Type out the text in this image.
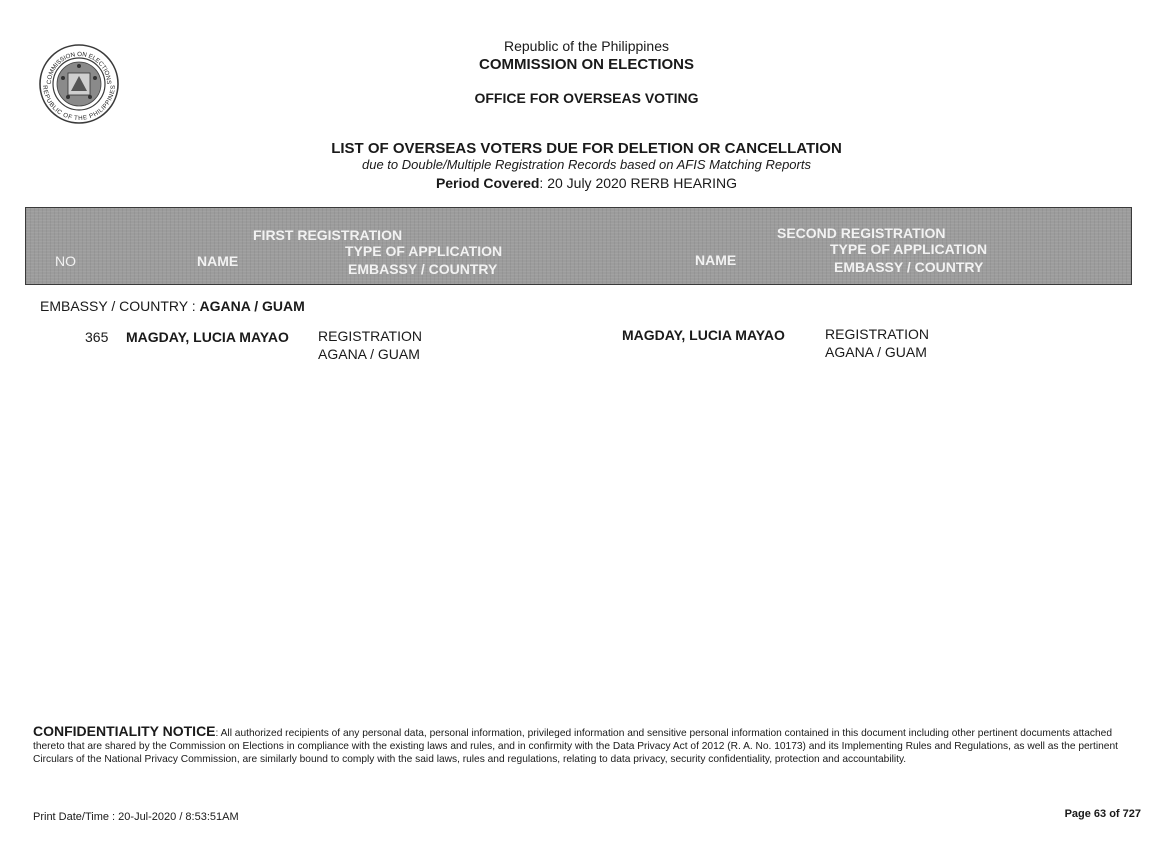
COMMISSION ON ELECTIONS
REPUBLIC OF THE PHILIPPINES
Republic of the Philippines
COMMISSION ON ELECTIONS
OFFICE FOR OVERSEAS VOTING
LIST OF OVERSEAS VOTERS DUE FOR DELETION OR CANCELLATION
due to Double/Multiple Registration Records based on AFIS Matching Reports
Period Covered: 20 July 2020 RERB HEARING
NO
FIRST REGISTRATION
NAME
TYPE OF APPLICATION
EMBASSY / COUNTRY
SECOND REGISTRATION
NAME
TYPE OF APPLICATION
EMBASSY / COUNTRY
EMBASSY / COUNTRY : AGANA / GUAM
365 MAGDAY, LUCIA MAYAO REGISTRATION
AGANA / GUAM
MAGDAY, LUCIA MAYAO	REGISTRATION
AGANA / GUAM
CONFIDENTIALITY NOTICE: All authorized recipients of any personal data, personal information, privileged information and sensitive personal information contained in this document including other pertinent documents attached thereto that are shared by the Commission on Elections in compliance with the existing laws and rules, and in confirmity with the Data Privacy Act of 2012 (R. A. No. 10173) and its Implementing Rules and Regulations, as well as the pertinent Circulars of the National Privacy Commission, are similarly bound to comply with the said laws, rules and regulations, relating to data privacy, security confidentiality, protection and accountability.
Print Date/Time : 20-Jul-2020 / 8:53:51AM	Page 63 of 727
